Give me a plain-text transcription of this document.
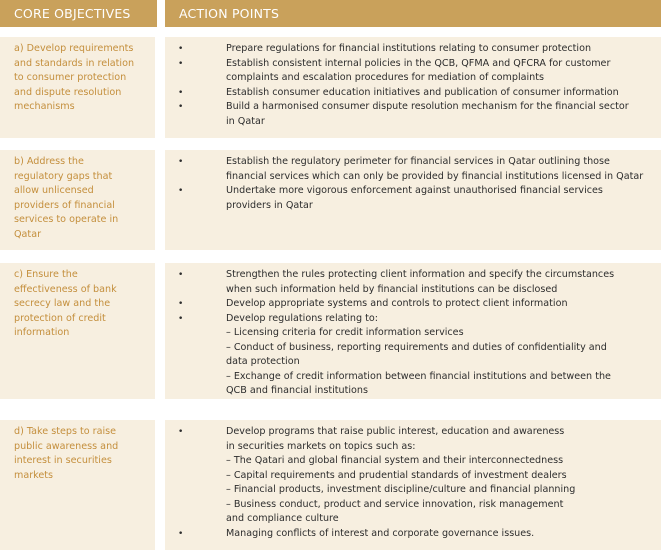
CORE OBJECTIVES	ACTION POINTS
a) Develop requirements
and standards in relation
to consumer protection
and dispute resolution
mechanisms
•	Prepare regulations for financial institutions relating to consumer protection
•	Establish consistent internal policies in the QCB, QFMA and QFCRA for customer
complaints and escalation procedures for mediation of complaints
•	Establish consumer education initiatives and publication of consumer information
•	Build a harmonised consumer dispute resolution mechanism for the financial sector
in Qatar
b) Address the
regulatory gaps that
allow unlicensed
providers of financial
services to operate in
Qatar
•	Establish the regulatory perimeter for financial services in Qatar outlining those
financial services which can only be provided by financial institutions licensed in Qatar
•	Undertake more vigorous enforcement against unauthorised financial services
providers in Qatar
c) Ensure the
effectiveness of bank
secrecy law and the
protection of credit
information
•	Strengthen the rules protecting client information and specify the circumstances
when such information held by financial institutions can be disclosed
•	Develop appropriate systems and controls to protect client information
•	Develop regulations relating to:
– Licensing criteria for credit information services
– Conduct of business, reporting requirements and duties of confidentiality and
data protection
– Exchange of credit information between financial institutions and between the
QCB and financial institutions
d) Take steps to raise
public awareness and
interest in securities
markets
•	Develop programs that raise public interest, education and awareness
in securities markets on topics such as:
– The Qatari and global financial system and their interconnectedness
– Capital requirements and prudential standards of investment dealers
– Financial products, investment discipline/culture and financial planning
– Business conduct, product and service innovation, risk management
and compliance culture
•	Managing conflicts of interest and corporate governance issues.
